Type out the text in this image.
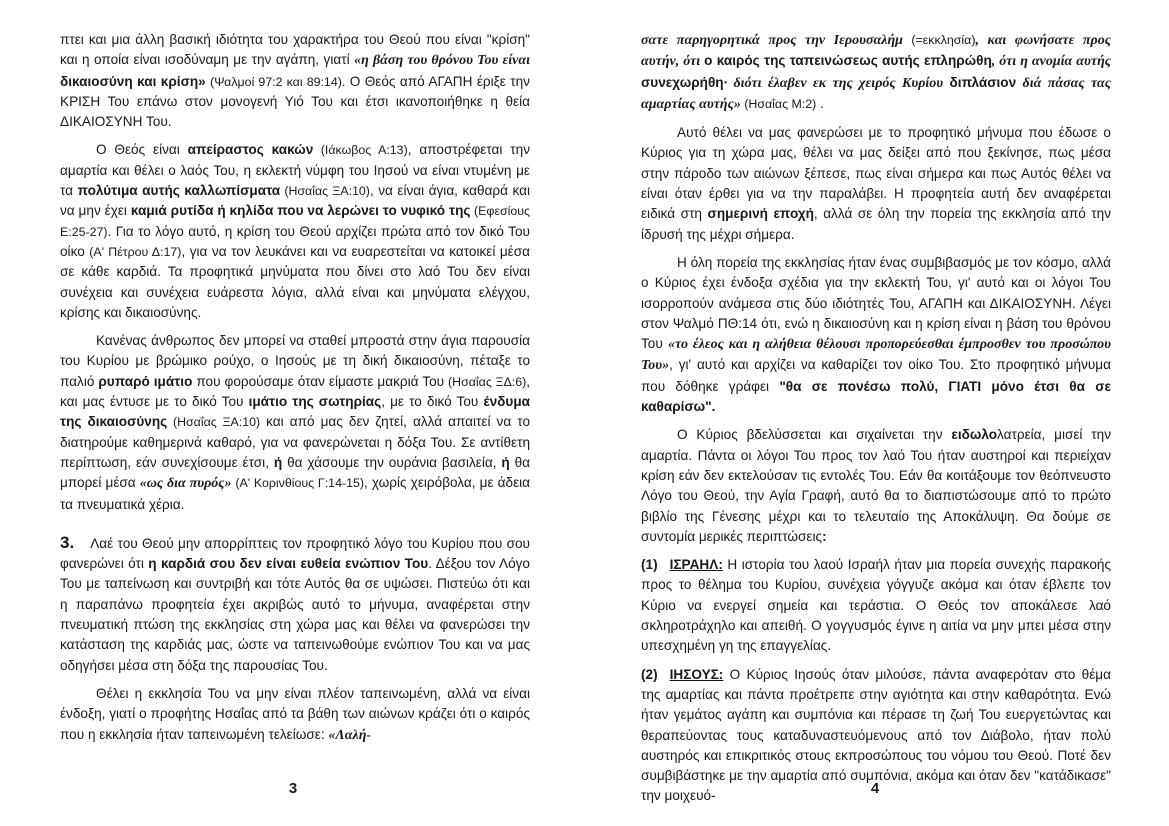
πτει και μια άλλη βασική ιδιότητα του χαρακτήρα του Θεού που είναι "κρίση" και η οποία είναι ισοδύναμη με την αγάπη, γιατί «η βάση του θρόνου Του είναι δικαιοσύνη και κρίση» (Ψαλμοί 97:2 και 89:14). Ο Θεός από ΑΓΑΠΗ έριξε την ΚΡΙΣΗ Του επάνω στον μονογενή Υιό Του και έτσι ικανοποιήθηκε η θεία ΔΙΚΑΙΟΣΥΝΗ Του.

Ο Θεός είναι απείραστος κακών (Ιάκωβος Α:13), αποστρέφεται την αμαρτία και θέλει ο λαός Του, η εκλεκτή νύμφη του Ιησού να είναι ντυμένη με τα πολύτιμα αυτής καλλωπίσματα (Ησαΐας ΞΑ:10), να είναι άγια, καθαρά και να μην έχει καμιά ρυτίδα ή κηλίδα που να λερώνει το νυφικό της (Εφεσίους Ε:25-27). Για το λόγο αυτό, η κρίση του Θεού αρχίζει πρώτα από τον δικό Του οίκο (Α' Πέτρου Δ:17), για να τον λευκάνει και να ευαρεστείται να κατοικεί μέσα σε κάθε καρδιά. Τα προφητικά μηνύματα που δίνει στο λαό Του δεν είναι συνέχεια και συνέχεια ευάρεστα λόγια, αλλά είναι και μηνύματα ελέγχου, κρίσης και δικαιοσύνης.

Κανένας άνθρωπος δεν μπορεί να σταθεί μπροστά στην άγια παρουσία του Κυρίου με βρώμικο ρούχο, ο Ιησούς με τη δική δικαιοσύνη, πέταξε το παλιό ρυπαρό ιμάτιο που φορούσαμε όταν είμαστε μακριά Του (Ησαΐας ΞΔ:6), και μας έντυσε με το δικό Του ιμάτιο της σωτηρίας, με το δικό Του ένδυμα της δικαιοσύνης (Ησαΐας ΞΑ:10) και από μας δεν ζητεί, αλλά απαιτεί να το διατηρούμε καθημερινά καθαρό, για να φανερώνεται η δόξα Του. Σε αντίθετη περίπτωση, εάν συνεχίσουμε έτσι, ή θα χάσουμε την ουράνια βασιλεία, ή θα μπορεί μέσα «ως δια πυρός» (Α' Κορινθίους Γ:14-15), χωρίς χειρόβολα, με άδεια τα πνευματικά χέρια.

3. Λαέ του Θεού μην απορρίπτεις τον προφητικό λόγο του Κυρίου που σου φανερώνει ότι η καρδιά σου δεν είναι ευθεία ενώπιον Του. Δέξου τον Λόγο Του με ταπείνωση και συντριβή και τότε Αυτός θα σε υψώσει. Πιστεύω ότι και η παραπάνω προφητεία έχει ακριβώς αυτό το μήνυμα, αναφέρεται στην πνευματική πτώση της εκκλησίας στη χώρα μας και θέλει να φανερώσει την κατάσταση της καρδιάς μας, ώστε να ταπεινωθούμε ενώπιον Του και να μας οδηγήσει μέσα στη δόξα της παρουσίας Του.

Θέλει η εκκλησία Του να μην είναι πλέον ταπεινωμένη, αλλά να είναι ένδοξη, γιατί ο προφήτης Ησαΐας από τα βάθη των αιώνων κράζει ότι ο καιρός που η εκκλησία ήταν ταπεινωμένη τελείωσε: «Λαλή-

3

σατε παρηγορητικά προς την Ιερουσαλήμ (=εκκλησία), και φωνήσατε προς αυτήν, ότι ο καιρός της ταπεινώσεως αυτής επληρώθη, ότι η ανομία αυτής συνεχωρήθη· διότι έλαβεν εκ της χειρός Κυρίου διπλάσιον διά πάσας τας αμαρτίας αυτής» (Ησαΐας Μ:2) .

Αυτό θέλει να μας φανερώσει με το προφητικό μήνυμα που έδωσε ο Κύριος για τη χώρα μας, θέλει να μας δείξει από που ξεκίνησε, πως μέσα στην πάροδο των αιώνων ξέπεσε, πως είναι σήμερα και πως Αυτός θέλει να είναι όταν έρθει για να την παραλάβει. Η προφητεία αυτή δεν αναφέρεται ειδικά στη σημερινή εποχή, αλλά σε όλη την πορεία της εκκλησία από την ίδρυσή της μέχρι σήμερα.

Η όλη πορεία της εκκλησίας ήταν ένας συμβιβασμός με τον κόσμο, αλλά ο Κύριος έχει ένδοξα σχέδια για την εκλεκτή Του, γι' αυτό και οι λόγοι Του ισορροπούν ανάμεσα στις δύο ιδιότητές Του, ΑΓΑΠΗ και ΔΙΚΑΙΟΣΥΝΗ. Λέγει στον Ψαλμό ΠΘ:14 ότι, ενώ η δικαιοσύνη και η κρίση είναι η βάση του θρόνου Του «το έλεος και η αλήθεια θέλουσι προπορεύεσθαι έμπροσθεν του προσώπου Του», γι' αυτό και αρχίζει να καθαρίζει τον οίκο Του. Στο προφητικό μήνυμα που δόθηκε γράφει "θα σε πονέσω πολύ, ΓΙΑΤΙ μόνο έτσι θα σε καθαρίσω".

Ο Κύριος βδελύσσεται και σιχαίνεται την ειδωλολατρεία, μισεί την αμαρτία. Πάντα οι λόγοι Του προς τον λαό Του ήταν αυστηροί και περιείχαν κρίση εάν δεν εκτελούσαν τις εντολές Του. Εάν θα κοιτάξουμε τον θεόπνευστο Λόγο του Θεού, την Αγία Γραφή, αυτό θα το διαπιστώσουμε από το πρώτο βιβλίο της Γένεσης μέχρι και το τελευταίο της Αποκάλυψη. Θα δούμε σε συντομία μερικές περιπτώσεις:

(1) ΙΣΡΑΗΛ: Η ιστορία του λαού Ισραήλ ήταν μια πορεία συνεχής παρακοής προς το θέλημα του Κυρίου, συνέχεια γόγγυζε ακόμα και όταν έβλεπε τον Κύριο να ενεργεί σημεία και τεράστια. Ο Θεός τον αποκάλεσε λαό σκληροτράχηλο και απειθή. Ο γογγυσμός έγινε η αιτία να μην μπει μέσα στην υπεσχημένη γη της επαγγελίας.

(2) ΙΗΣΟΥΣ: Ο Κύριος Ιησούς όταν μιλούσε, πάντα αναφερόταν στο θέμα της αμαρτίας και πάντα προέτρεπε στην αγιότητα και στην καθαρότητα. Ενώ ήταν γεμάτος αγάπη και συμπόνια και πέρασε τη ζωή Του ευεργετώντας και θεραπεύοντας τους καταδυναστευόμενους από τον Διάβολο, ήταν πολύ αυστηρός και επικριτικός στους εκπροσώπους του νόμου του Θεού. Ποτέ δεν συμβιβάστηκε με την αμαρτία από συμπόνια, ακόμα και όταν δεν "κατάδικασε" την μοιχευό-	4
